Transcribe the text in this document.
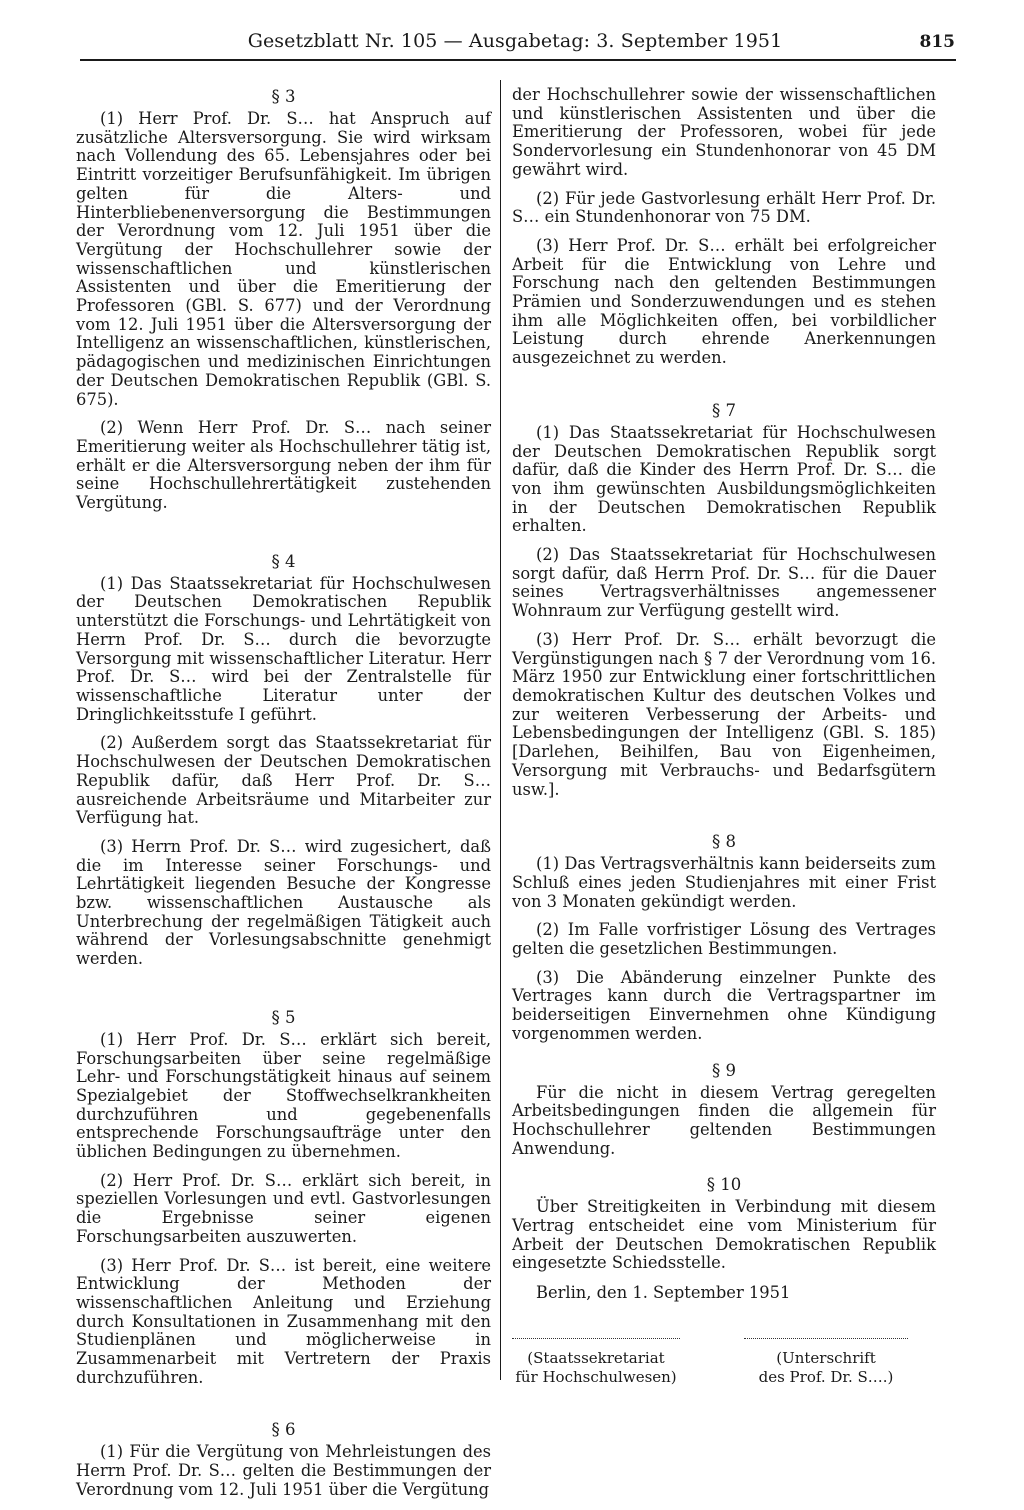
Gesetzblatt Nr. 105 — Ausgabetag: 3. September 1951	815
§ 3

(1) Herr Prof. Dr. S… hat Anspruch auf zusätzliche Altersversorgung. Sie wird wirksam nach Vollendung des 65. Lebensjahres oder bei Eintritt vorzeitiger Berufsunfähigkeit. Im übrigen gelten für die Alters- und Hinterbliebenenversorgung die Bestimmungen der Verordnung vom 12. Juli 1951 über die Vergütung der Hochschullehrer sowie der wissenschaftlichen und künstlerischen Assistenten und über die Emeritierung der Professoren (GBl. S. 677) und der Verordnung vom 12. Juli 1951 über die Altersversorgung der Intelligenz an wissenschaftlichen, künstlerischen, pädagogischen und medizinischen Einrichtungen der Deutschen Demokratischen Republik (GBl. S. 675).

(2) Wenn Herr Prof. Dr. S… nach seiner Emeritierung weiter als Hochschullehrer tätig ist, erhält er die Altersversorgung neben der ihm für seine Hochschullehrertätigkeit zustehenden Vergütung.

§ 4

(1) Das Staatssekretariat für Hochschulwesen der Deutschen Demokratischen Republik unterstützt die Forschungs- und Lehrtätigkeit von Herrn Prof. Dr. S… durch die bevorzugte Versorgung mit wissenschaftlicher Literatur. Herr Prof. Dr. S… wird bei der Zentralstelle für wissenschaftliche Literatur unter der Dringlichkeitsstufe I geführt.

(2) Außerdem sorgt das Staatssekretariat für Hochschulwesen der Deutschen Demokratischen Republik dafür, daß Herr Prof. Dr. S… ausreichende Arbeitsräume und Mitarbeiter zur Verfügung hat.

(3) Herrn Prof. Dr. S… wird zugesichert, daß die im Interesse seiner Forschungs- und Lehrtätigkeit liegenden Besuche der Kongresse bzw. wissenschaftlichen Austausche als Unterbrechung der regelmäßigen Tätigkeit auch während der Vorlesungsabschnitte genehmigt werden.

§ 5

(1) Herr Prof. Dr. S… erklärt sich bereit, Forschungsarbeiten über seine regelmäßige Lehr- und Forschungstätigkeit hinaus auf seinem Spezialgebiet der Stoffwechselkrankheiten durchzuführen und gegebenenfalls entsprechende Forschungsaufträge unter den üblichen Bedingungen zu übernehmen.

(2) Herr Prof. Dr. S… erklärt sich bereit, in speziellen Vorlesungen und evtl. Gastvorlesungen die Ergebnisse seiner eigenen Forschungsarbeiten auszuwerten.

(3) Herr Prof. Dr. S… ist bereit, eine weitere Entwicklung der Methoden der wissenschaftlichen Anleitung und Erziehung durch Konsultationen in Zusammenhang mit den Studienplänen und möglicherweise in Zusammenarbeit mit Vertretern der Praxis durchzuführen.

§ 6

(1) Für die Vergütung von Mehrleistungen des Herrn Prof. Dr. S… gelten die Bestimmungen der Verordnung vom 12. Juli 1951 über die Vergütung

der Hochschullehrer sowie der wissenschaftlichen und künstlerischen Assistenten und über die Emeritierung der Professoren, wobei für jede Sondervorlesung ein Stundenhonorar von 45 DM gewährt wird.

(2) Für jede Gastvorlesung erhält Herr Prof. Dr. S… ein Stundenhonorar von 75 DM.

(3) Herr Prof. Dr. S… erhält bei erfolgreicher Arbeit für die Entwicklung von Lehre und Forschung nach den geltenden Bestimmungen Prämien und Sonderzuwendungen und es stehen ihm alle Möglichkeiten offen, bei vorbildlicher Leistung durch ehrende Anerkennungen ausgezeichnet zu werden.

§ 7

(1) Das Staatssekretariat für Hochschulwesen der Deutschen Demokratischen Republik sorgt dafür, daß die Kinder des Herrn Prof. Dr. S… die von ihm gewünschten Ausbildungsmöglichkeiten in der Deutschen Demokratischen Republik erhalten.

(2) Das Staatssekretariat für Hochschulwesen sorgt dafür, daß Herrn Prof. Dr. S… für die Dauer seines Vertragsverhältnisses angemessener Wohnraum zur Verfügung gestellt wird.

(3) Herr Prof. Dr. S… erhält bevorzugt die Vergünstigungen nach § 7 der Verordnung vom 16. März 1950 zur Entwicklung einer fortschrittlichen demokratischen Kultur des deutschen Volkes und zur weiteren Verbesserung der Arbeits- und Lebensbedingungen der Intelligenz (GBl. S. 185) [Darlehen, Beihilfen, Bau von Eigenheimen, Versorgung mit Verbrauchs- und Bedarfsgütern usw.].

§ 8

(1) Das Vertragsverhältnis kann beiderseits zum Schluß eines jeden Studienjahres mit einer Frist von 3 Monaten gekündigt werden.

(2) Im Falle vorfristiger Lösung des Vertrages gelten die gesetzlichen Bestimmungen.

(3) Die Abänderung einzelner Punkte des Vertrages kann durch die Vertragspartner im beiderseitigen Einvernehmen ohne Kündigung vorgenommen werden.

§ 9

Für die nicht in diesem Vertrag geregelten Arbeitsbedingungen finden die allgemein für Hochschullehrer geltenden Bestimmungen Anwendung.

§ 10

Über Streitigkeiten in Verbindung mit diesem Vertrag entscheidet eine vom Ministerium für Arbeit der Deutschen Demokratischen Republik eingesetzte Schiedsstelle.

Berlin, den 1. September 1951
(Staatssekretariat
für Hochschulwesen)
(Unterschrift
des Prof. Dr. S….)
